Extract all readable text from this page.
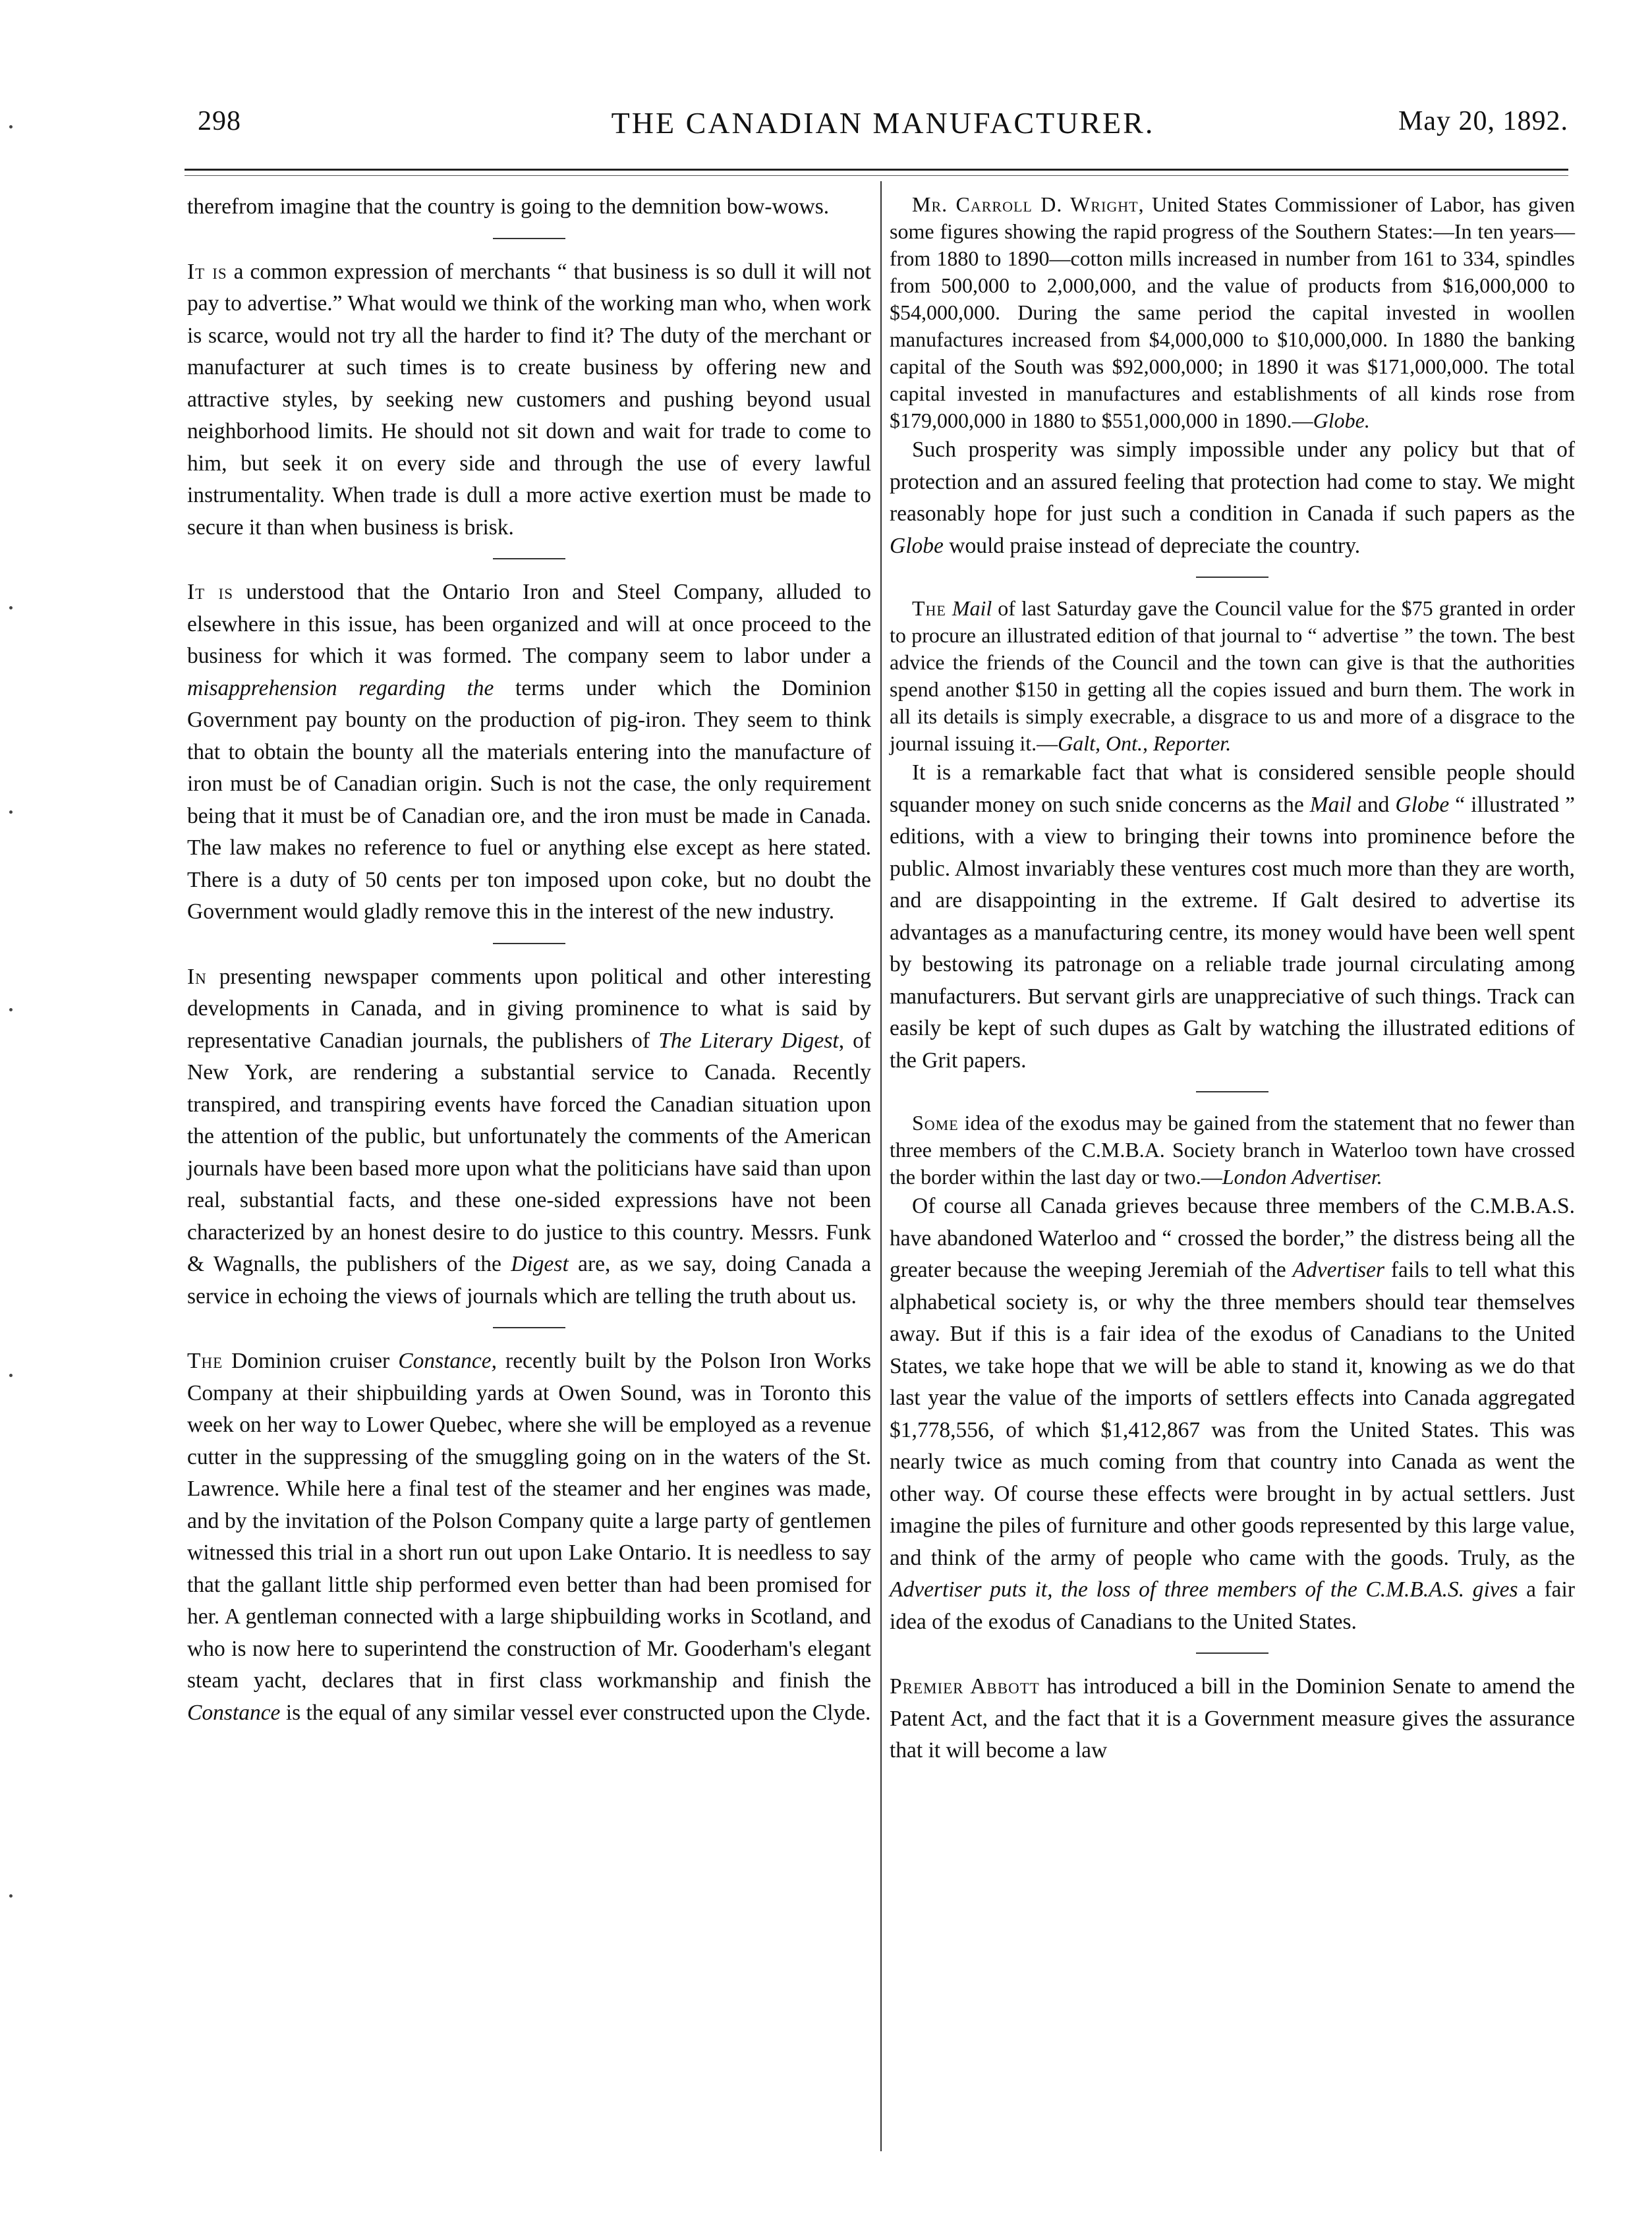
298	THE CANADIAN MANUFACTURER.	May 20, 1892.

therefrom imagine that the country is going to the demnition bow-wows.

It is a common expression of merchants “ that business is so dull it will not pay to advertise.” What would we think of the working man who, when work is scarce, would not try all the harder to find it? The duty of the merchant or manufacturer at such times is to create business by offering new and attractive styles, by seeking new customers and pushing beyond usual neighborhood limits. He should not sit down and wait for trade to come to him, but seek it on every side and through the use of every lawful instrumentality. When trade is dull a more active exertion must be made to secure it than when business is brisk.

It is understood that the Ontario Iron and Steel Company, alluded to elsewhere in this issue, has been organized and will at once proceed to the business for which it was formed. The company seem to labor under a misapprehension regarding the terms under which the Dominion Government pay bounty on the production of pig-iron. They seem to think that to obtain the bounty all the materials entering into the manufacture of iron must be of Canadian origin. Such is not the case, the only requirement being that it must be of Canadian ore, and the iron must be made in Canada. The law makes no reference to fuel or anything else except as here stated. There is a duty of 50 cents per ton imposed upon coke, but no doubt the Government would gladly remove this in the interest of the new industry.

In presenting newspaper comments upon political and other interesting developments in Canada, and in giving prominence to what is said by representative Canadian journals, the publishers of The Literary Digest, of New York, are rendering a substantial service to Canada. Recently transpired, and transpiring events have forced the Canadian situation upon the attention of the public, but unfortunately the comments of the American journals have been based more upon what the politicians have said than upon real, substantial facts, and these one-sided expressions have not been characterized by an honest desire to do justice to this country. Messrs. Funk & Wagnalls, the publishers of the Digest are, as we say, doing Canada a service in echoing the views of journals which are telling the truth about us.

The Dominion cruiser Constance, recently built by the Polson Iron Works Company at their shipbuilding yards at Owen Sound, was in Toronto this week on her way to Lower Quebec, where she will be employed as a revenue cutter in the suppressing of the smuggling going on in the waters of the St. Lawrence. While here a final test of the steamer and her engines was made, and by the invitation of the Polson Company quite a large party of gentlemen witnessed this trial in a short run out upon Lake Ontario. It is needless to say that the gallant little ship performed even better than had been promised for her. A gentleman connected with a large shipbuilding works in Scotland, and who is now here to superintend the construction of Mr. Gooderham's elegant steam yacht, declares that in first class workmanship and finish the Constance is the equal of any similar vessel ever constructed upon the Clyde.

Mr. Carroll D. Wright, United States Commissioner of Labor, has given some figures showing the rapid progress of the Southern States:—In ten years—from 1880 to 1890—cotton mills increased in number from 161 to 334, spindles from 500,000 to 2,000,000, and the value of products from $16,000,000 to $54,000,000. During the same period the capital invested in woollen manufactures increased from $4,000,000 to $10,000,000. In 1880 the banking capital of the South was $92,000,000; in 1890 it was $171,000,000. The total capital invested in manufactures and establishments of all kinds rose from $179,000,000 in 1880 to $551,000,000 in 1890.—Globe.

Such prosperity was simply impossible under any policy but that of protection and an assured feeling that protection had come to stay. We might reasonably hope for just such a condition in Canada if such papers as the Globe would praise instead of depreciate the country.

The Mail of last Saturday gave the Council value for the $75 granted in order to procure an illustrated edition of that journal to “ advertise ” the town. The best advice the friends of the Council and the town can give is that the authorities spend another $150 in getting all the copies issued and burn them. The work in all its details is simply execrable, a disgrace to us and more of a disgrace to the journal issuing it.—Galt, Ont., Reporter.

It is a remarkable fact that what is considered sensible people should squander money on such snide concerns as the Mail and Globe “ illustrated ” editions, with a view to bringing their towns into prominence before the public. Almost invariably these ventures cost much more than they are worth, and are disappointing in the extreme. If Galt desired to advertise its advantages as a manufacturing centre, its money would have been well spent by bestowing its patronage on a reliable trade journal circulating among manufacturers. But servant girls are unappreciative of such things. Track can easily be kept of such dupes as Galt by watching the illustrated editions of the Grit papers.

Some idea of the exodus may be gained from the statement that no fewer than three members of the C.M.B.A. Society branch in Waterloo town have crossed the border within the last day or two.—London Advertiser.

Of course all Canada grieves because three members of the C.M.B.A.S. have abandoned Waterloo and “ crossed the border,” the distress being all the greater because the weeping Jeremiah of the Advertiser fails to tell what this alphabetical society is, or why the three members should tear themselves away. But if this is a fair idea of the exodus of Canadians to the United States, we take hope that we will be able to stand it, knowing as we do that last year the value of the imports of settlers effects into Canada aggregated $1,778,556, of which $1,412,867 was from the United States. This was nearly twice as much coming from that country into Canada as went the other way. Of course these effects were brought in by actual settlers. Just imagine the piles of furniture and other goods represented by this large value, and think of the army of people who came with the goods. Truly, as the Advertiser puts it, the loss of three members of the C.M.B.A.S. gives a fair idea of the exodus of Canadians to the United States.

Premier Abbott has introduced a bill in the Dominion Senate to amend the Patent Act, and the fact that it is a Government measure gives the assurance that it will become a law
